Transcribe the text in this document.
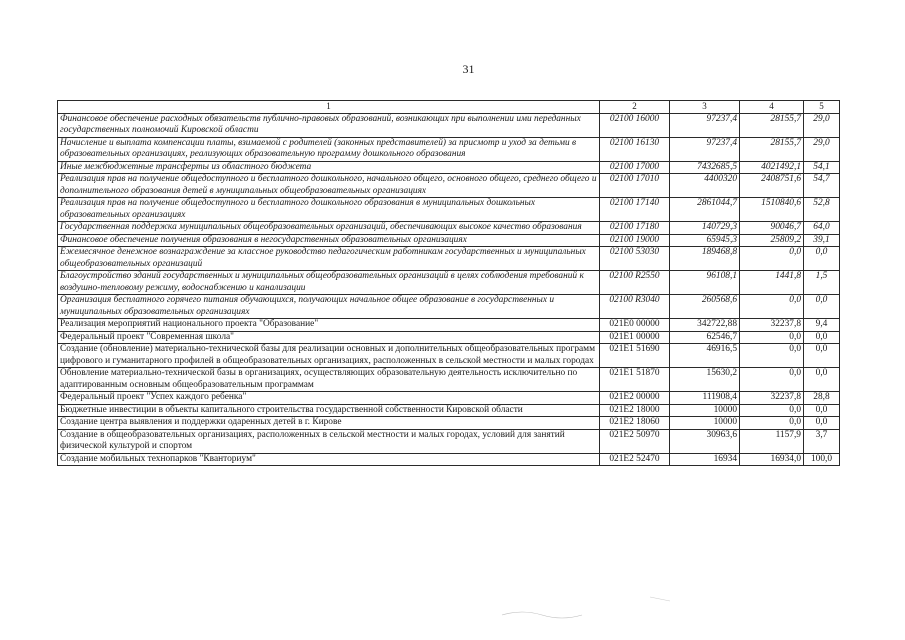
31
1	2	3	4	5
Финансовое обеспечение расходных обязательств публично-правовых образований, возникающих при выполнении ими переданных государственных полномочий Кировской области	02100 16000	97237,4	28155,7	29,0
Начисление и выплата компенсации платы, взимаемой с родителей (законных представителей) за присмотр и уход за детьми в образовательных организациях, реализующих образовательную программу дошкольного образования	02100 16130	97237,4	28155,7	29,0
Иные межбюджетные трансферты из областного бюджета	02100 17000	7432685,5	4021492,1	54,1
Реализация прав на получение общедоступного и бесплатного дошкольного, начального общего, основного общего, среднего общего и дополнительного образования детей в муниципальных общеобразовательных организациях	02100 17010	4400320	2408751,6	54,7
Реализация прав на получение общедоступного и бесплатного дошкольного образования в муниципальных дошкольных образовательных организациях	02100 17140	2861044,7	1510840,6	52,8
Государственная поддержка муниципальных общеобразовательных организаций, обеспечивающих высокое качество образования	02100 17180	140729,3	90046,7	64,0
Финансовое обеспечение получения образования в негосударственных образовательных организациях	02100 19000	65945,3	25809,2	39,1
Ежемесячное денежное вознаграждение за классное руководство педагогическим работникам государственных и муниципальных общеобразовательных организаций	02100 53030	189468,8	0,0	0,0
Благоустройство зданий государственных и муниципальных общеобразовательных организаций в целях соблюдения требований к воздушно-тепловому режиму, водоснабжению и канализации	02100 R2550	96108,1	1441,8	1,5
Организация бесплатного горячего питания обучающихся, получающих начальное общее образование в государственных и муниципальных образовательных организациях	02100 R3040	260568,6	0,0	0,0
Реализация мероприятий национального проекта "Образование"	021E0 00000	342722,88	32237,8	9,4
Федеральный проект "Современная школа"	021E1 00000	62546,7	0,0	0,0
Создание (обновление) материально-технической базы для реализации основных и дополнительных общеобразовательных программ цифрового и гуманитарного профилей в общеобразовательных организациях, расположенных в сельской местности и малых городах	021E1 51690	46916,5	0,0	0,0
Обновление материально-технической базы в организациях, осуществляющих образовательную деятельность исключительно по адаптированным основным общеобразовательным программам	021E1 51870	15630,2	0,0	0,0
Федеральный проект "Успех каждого ребенка"	021E2 00000	111908,4	32237,8	28,8
Бюджетные инвестиции в объекты капитального строительства государственной собственности Кировской области	021E2 18000	10000	0,0	0,0
Создание центра выявления и поддержки одаренных детей в г. Кирове	021E2 18060	10000	0,0	0,0
Создание в общеобразовательных организациях, расположенных в сельской местности и малых городах, условий для занятий физической культурой и спортом	021E2 50970	30963,6	1157,9	3,7
Создание мобильных технопарков "Кванториум"	021E2 52470	16934	16934,0	100,0
